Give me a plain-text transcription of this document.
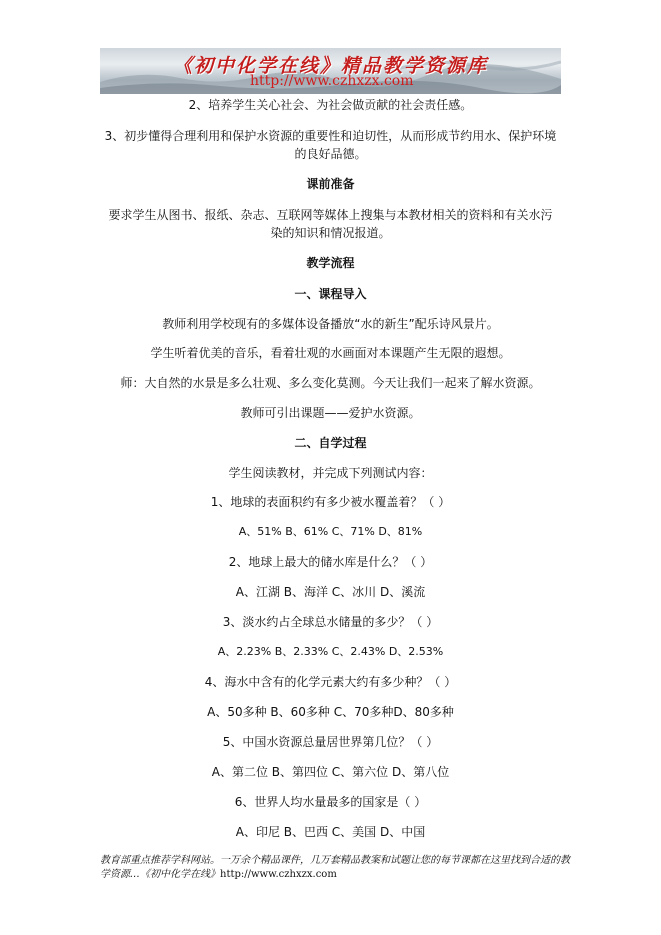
《初中化学在线》精品教学资源库
http://www.czhxzx.com
2、培养学生关心社会、为社会做贡献的社会责任感。
3、初步懂得合理利用和保护水资源的重要性和迫切性，从而形成节约用水、保护环境
的良好品德。
课前准备
要求学生从图书、报纸、杂志、互联网等媒体上搜集与本教材相关的资料和有关水污
染的知识和情况报道。
教学流程
一、课程导入
教师利用学校现有的多媒体设备播放“水的新生”配乐诗风景片。
学生听着优美的音乐，看着壮观的水画面对本课题产生无限的遐想。
师：大自然的水景是多么壮观、多么变化莫测。今天让我们一起来了解水资源。
教师可引出课题——爱护水资源。
二、自学过程
学生阅读教材，并完成下列测试内容：
1、地球的表面积约有多少被水覆盖着？（ ）
A、51% B、61% C、71% D、81%
2、地球上最大的储水库是什么？（ ）
A、江湖 B、海洋 C、冰川 D、溪流
3、淡水约占全球总水储量的多少？（ ）
A、2.23% B、2.33% C、2.43% D、2.53%
4、海水中含有的化学元素大约有多少种？（ ）
A、50多种 B、60多种 C、70多种D、80多种
5、中国水资源总量居世界第几位？（ ）
A、第二位 B、第四位 C、第六位 D、第八位
6、世界人均水量最多的国家是（ ）
A、印尼 B、巴西 C、美国 D、中国
教育部重点推荐学科网站。一万余个精品课件，几万套精品教案和试题让您的每节课都在这里找到合适的教学资源…《初中化学在线》http://www.czhxzx.com
